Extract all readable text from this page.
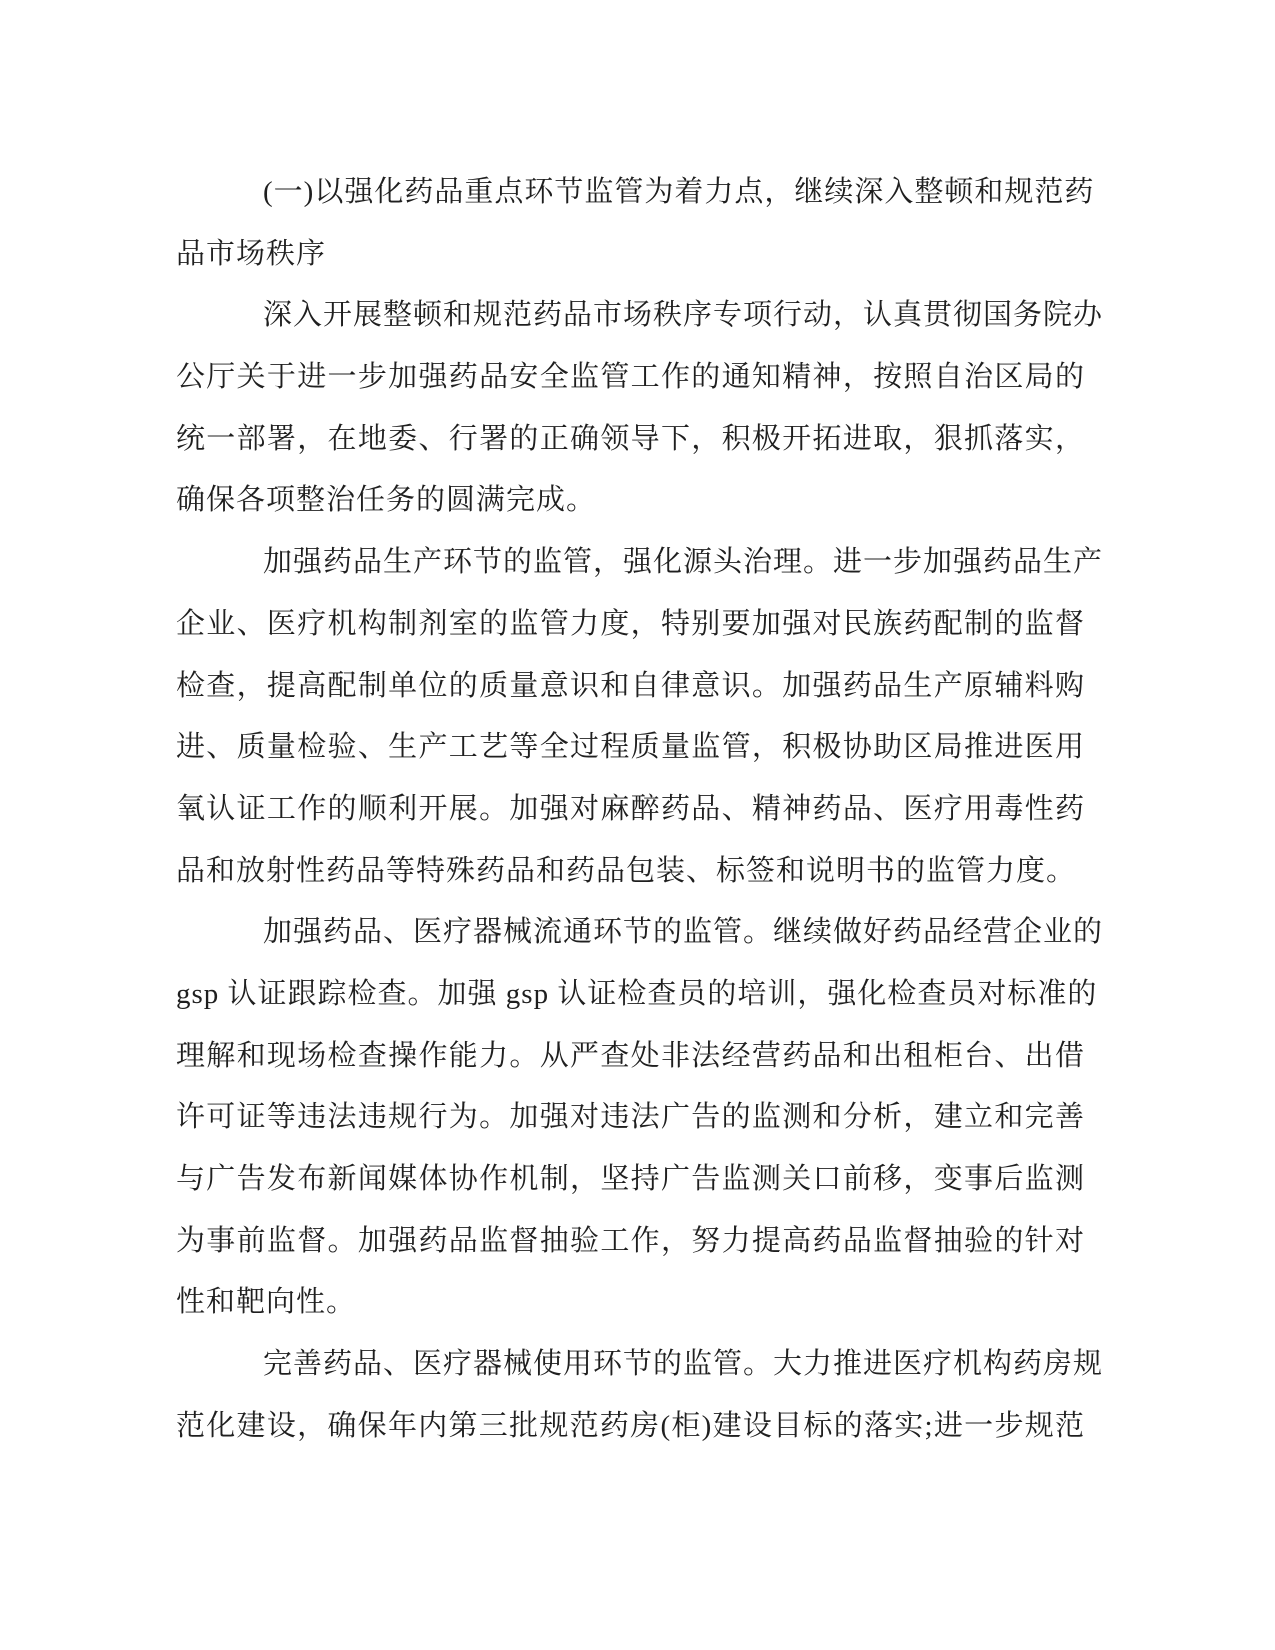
(一)以强化药品重点环节监管为着力点，继续深入整顿和规范药
品市场秩序
深入开展整顿和规范药品市场秩序专项行动，认真贯彻国务院办
公厅关于进一步加强药品安全监管工作的通知精神，按照自治区局的
统一部署，在地委、行署的正确领导下，积极开拓进取，狠抓落实，
确保各项整治任务的圆满完成。
加强药品生产环节的监管，强化源头治理。进一步加强药品生产
企业、医疗机构制剂室的监管力度，特别要加强对民族药配制的监督
检查，提高配制单位的质量意识和自律意识。加强药品生产原辅料购
进、质量检验、生产工艺等全过程质量监管，积极协助区局推进医用
氧认证工作的顺利开展。加强对麻醉药品、精神药品、医疗用毒性药
品和放射性药品等特殊药品和药品包装、标签和说明书的监管力度。
加强药品、医疗器械流通环节的监管。继续做好药品经营企业的
gsp 认证跟踪检查。加强 gsp 认证检查员的培训，强化检查员对标准的
理解和现场检查操作能力。从严查处非法经营药品和出租柜台、出借
许可证等违法违规行为。加强对违法广告的监测和分析，建立和完善
与广告发布新闻媒体协作机制，坚持广告监测关口前移，变事后监测
为事前监督。加强药品监督抽验工作，努力提高药品监督抽验的针对
性和靶向性。
完善药品、医疗器械使用环节的监管。大力推进医疗机构药房规
范化建设，确保年内第三批规范药房(柜)建设目标的落实;进一步规范
